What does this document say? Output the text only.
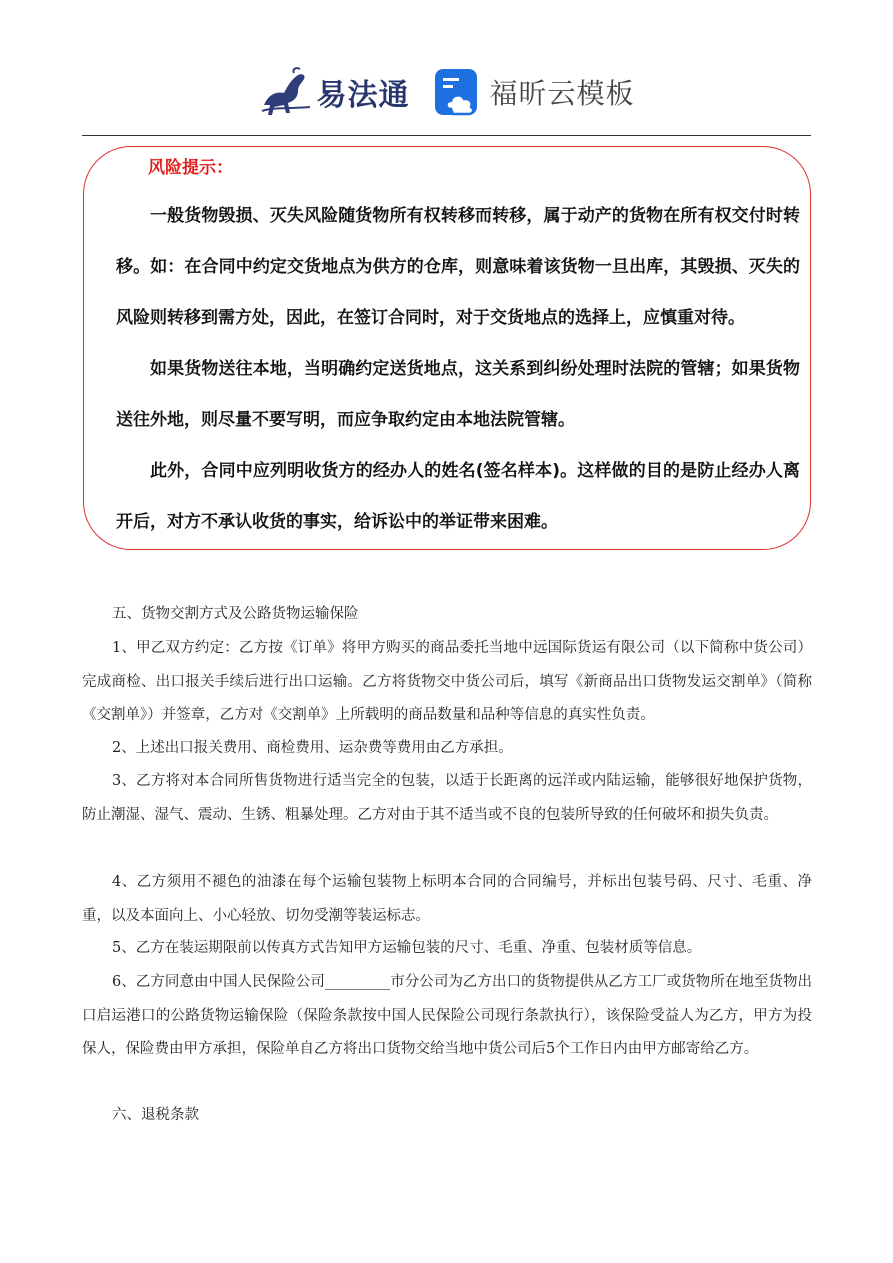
易法通	福昕云模板
风险提示：

一般货物毁损、灭失风险随货物所有权转移而转移，属于动产的货物在所有权交付时转移。如：在合同中约定交货地点为供方的仓库，则意味着该货物一旦出库，其毁损、灭失的风险则转移到需方处，因此，在签订合同时，对于交货地点的选择上，应慎重对待。

如果货物送往本地，当明确约定送货地点，这关系到纠纷处理时法院的管辖；如果货物送往外地，则尽量不要写明，而应争取约定由本地法院管辖。

此外，合同中应列明收货方的经办人的姓名(签名样本)。这样做的目的是防止经办人离开后，对方不承认收货的事实，给诉讼中的举证带来困难。

五、货物交割方式及公路货物运输保险

1、甲乙双方约定：乙方按《订单》将甲方购买的商品委托当地中远国际货运有限公司（以下简称中货公司）完成商检、出口报关手续后进行出口运输。乙方将货物交中货公司后，填写《新商品出口货物发运交割单》（简称《交割单》）并签章，乙方对《交割单》上所载明的商品数量和品种等信息的真实性负责。

2、上述出口报关费用、商检费用、运杂费等费用由乙方承担。

3、乙方将对本合同所售货物进行适当完全的包装，以适于长距离的远洋或内陆运输，能够很好地保护货物，防止潮湿、湿气、震动、生锈、粗暴处理。乙方对由于其不适当或不良的包装所导致的任何破坏和损失负责。

4、乙方须用不褪色的油漆在每个运输包装物上标明本合同的合同编号，并标出包装号码、尺寸、毛重、净重，以及本面向上、小心轻放、切勿受潮等装运标志。

5、乙方在装运期限前以传真方式告知甲方运输包装的尺寸、毛重、净重、包装材质等信息。

6、乙方同意由中国人民保险公司_________市分公司为乙方出口的货物提供从乙方工厂或货物所在地至货物出口启运港口的公路货物运输保险（保险条款按中国人民保险公司现行条款执行），该保险受益人为乙方，甲方为投保人，保险费由甲方承担，保险单自乙方将出口货物交给当地中货公司后5个工作日内由甲方邮寄给乙方。

六、退税条款
